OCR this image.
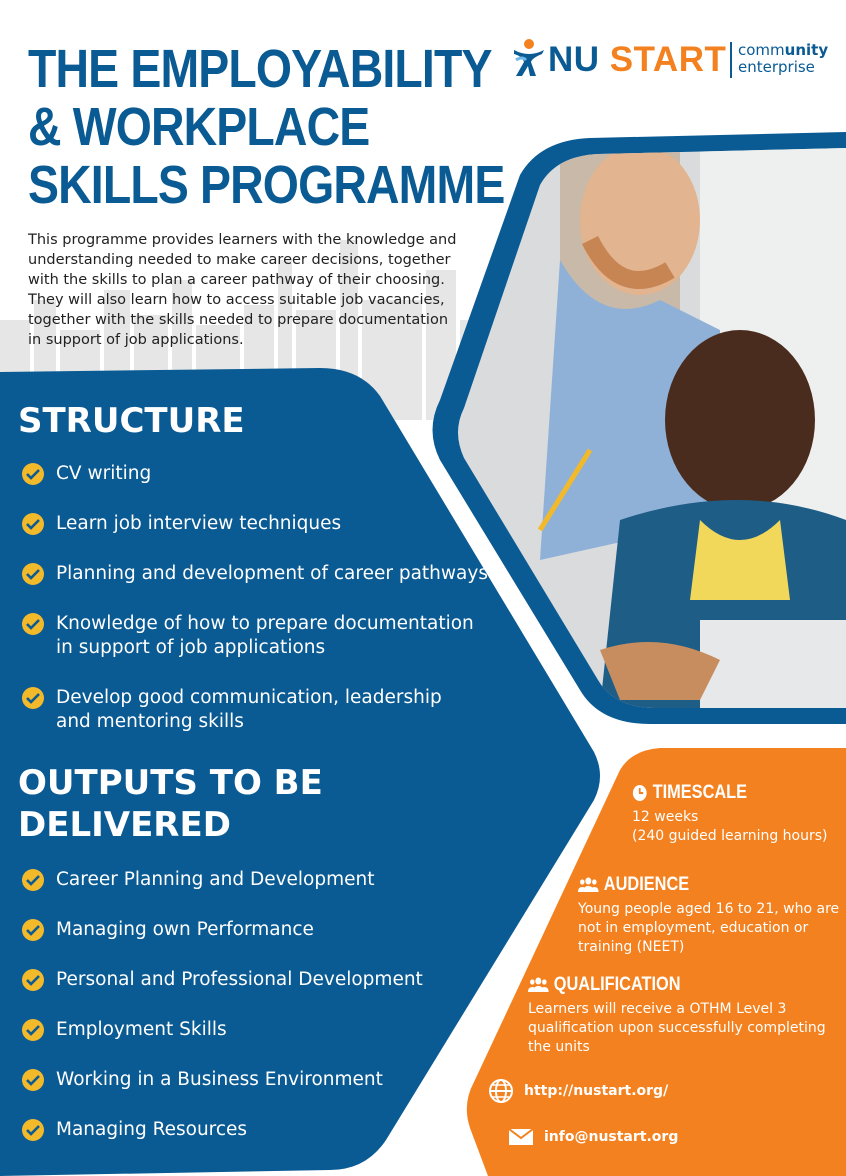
THE EMPLOYABILITY
& WORKPLACE
SKILLS PROGRAMME

This programme provides learners with the knowledge and understanding needed to make career decisions, together with the skills to plan a career pathway of their choosing. They will also learn how to access suitable job vacancies, together with the skills needed to prepare documentation in support of job applications.

NU START community
enterprise
STRUCTURE
CV writing
Learn job interview techniques
Planning and development of career pathways
Knowledge of how to prepare documentation in support of job applications
Develop good communication, leadership and mentoring skills
OUTPUTS TO BE DELIVERED
Career Planning and Development
Managing own Performance
Personal and Professional Development
Employment Skills
Working in a Business Environment
Managing Resources
TIMESCALE
12 weeks
(240 guided learning hours)
AUDIENCE
Young people aged 16 to 21, who are not in employment, education or training (NEET)
QUALIFICATION
Learners will receive a OTHM Level 3 qualification upon successfully completing the units
http://nustart.org/
info@nustart.org
